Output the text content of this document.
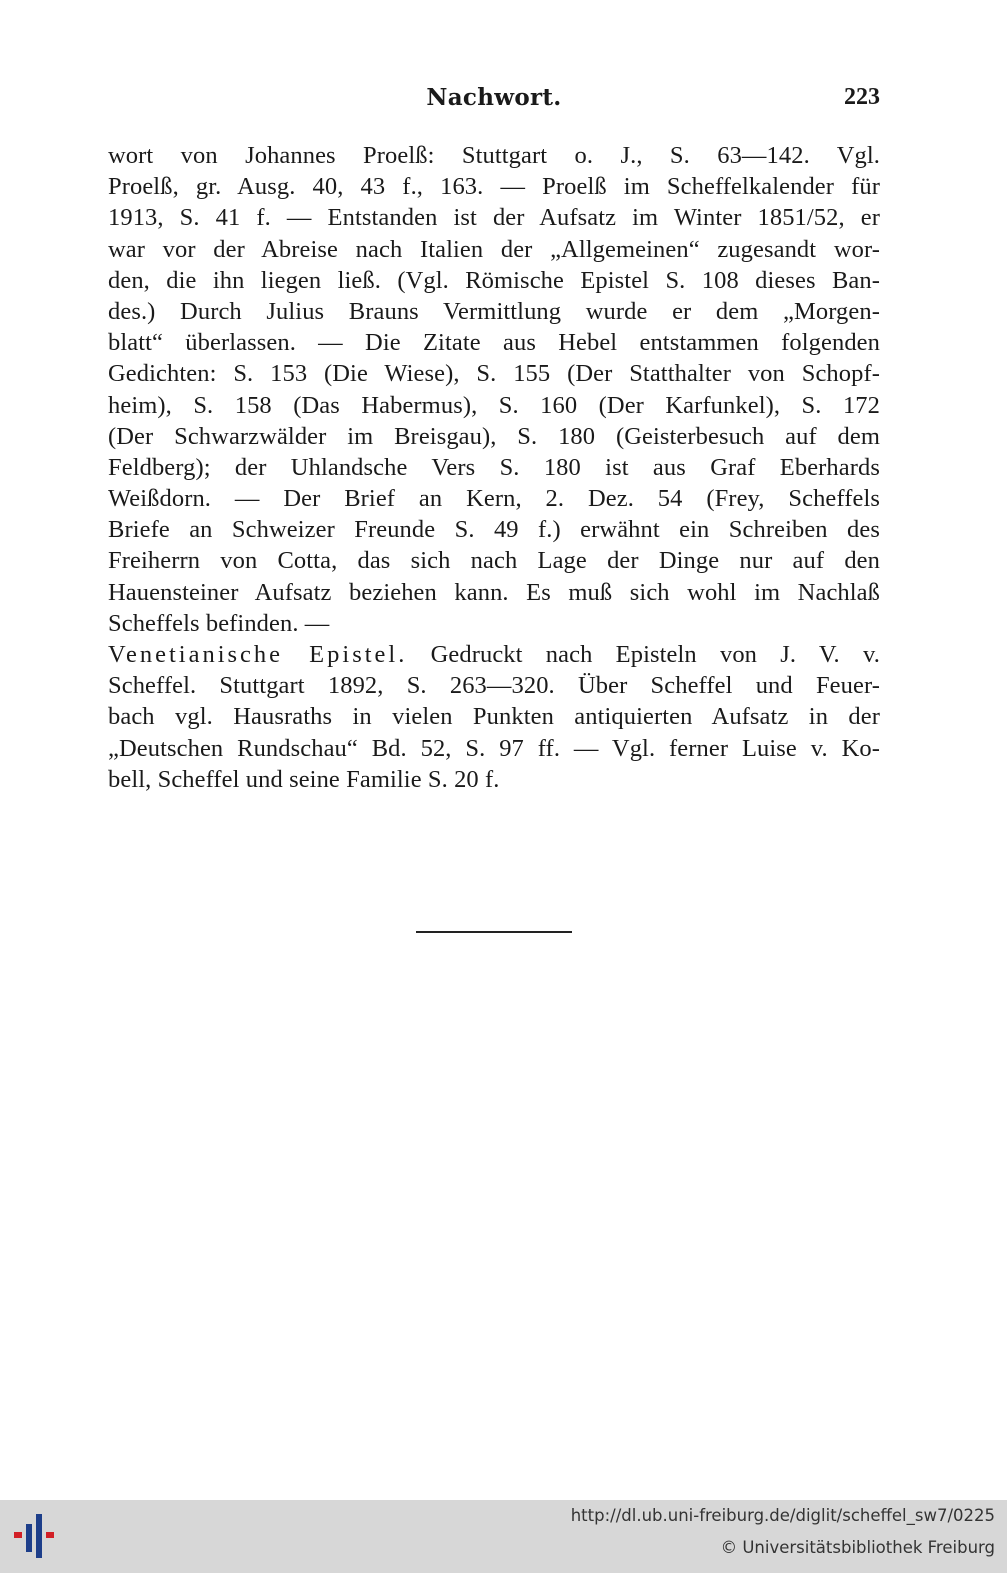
Nachwort.	223
wort von Johannes Proelß: Stuttgart o. J., S. 63—142. Vgl.
Proelß, gr. Ausg. 40, 43 f., 163. — Proelß im Scheffelkalender für
1913, S. 41 f. — Entstanden ist der Aufsatz im Winter 1851/52, er
war vor der Abreise nach Italien der „Allgemeinen“ zugesandt wor-
den, die ihn liegen ließ. (Vgl. Römische Epistel S. 108 dieses Ban-
des.) Durch Julius Brauns Vermittlung wurde er dem „Morgen-
blatt“ überlassen. — Die Zitate aus Hebel entstammen folgenden
Gedichten: S. 153 (Die Wiese), S. 155 (Der Statthalter von Schopf-
heim), S. 158 (Das Habermus), S. 160 (Der Karfunkel), S. 172
(Der Schwarzwälder im Breisgau), S. 180 (Geisterbesuch auf dem
Feldberg); der Uhlandsche Vers S. 180 ist aus Graf Eberhards
Weißdorn. — Der Brief an Kern, 2. Dez. 54 (Frey, Scheffels
Briefe an Schweizer Freunde S. 49 f.) erwähnt ein Schreiben des
Freiherrn von Cotta, das sich nach Lage der Dinge nur auf den
Hauensteiner Aufsatz beziehen kann. Es muß sich wohl im Nachlaß
Scheffels befinden. —
Venetianische Epistel. Gedruckt nach Episteln von J. V. v.
Scheffel. Stuttgart 1892, S. 263—320. Über Scheffel und Feuer-
bach vgl. Hausraths in vielen Punkten antiquierten Aufsatz in der
„Deutschen Rundschau“ Bd. 52, S. 97 ff. — Vgl. ferner Luise v. Ko-
bell, Scheffel und seine Familie S. 20 f.
http://dl.ub.uni-freiburg.de/diglit/scheffel_sw7/0225
© Universitätsbibliothek Freiburg
